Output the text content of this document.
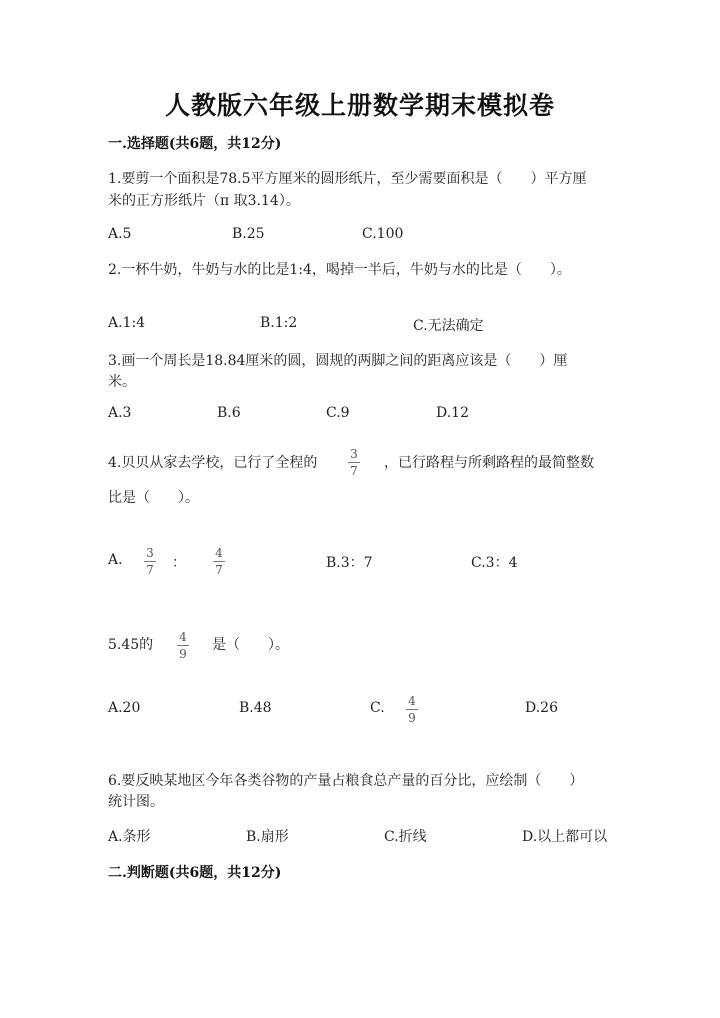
人教版六年级上册数学期末模拟卷
一.选择题(共6题，共12分)
1.要剪一个面积是78.5平方厘米的圆形纸片，至少需要面积是（　　）平方厘
米的正方形纸片（π 取3.14）。
A.5	B.25	C.100
2.一杯牛奶，牛奶与水的比是1:4，喝掉一半后，牛奶与水的比是（　　）。
A.1:4	B.1:2	C.无法确定
3.画一个周长是18.84厘米的圆，圆规的两脚之间的距离应该是（　　）厘
米。
A.3	B.6	C.9	D.12
4.贝贝从家去学校，已行了全程的
3
7	，已行路程与所剩路程的最简整数
比是（　　）。
A.	3
7	：
4
7	B.3：7	C.3：4
5.45的	4
9
是（　　）。
A.20	B.48	C.	4
9
D.26
6.要反映某地区今年各类谷物的产量占粮食总产量的百分比，应绘制（　　）
统计图。
A.条形	B.扇形	C.折线	D.以上都可以
二.判断题(共6题，共12分)
